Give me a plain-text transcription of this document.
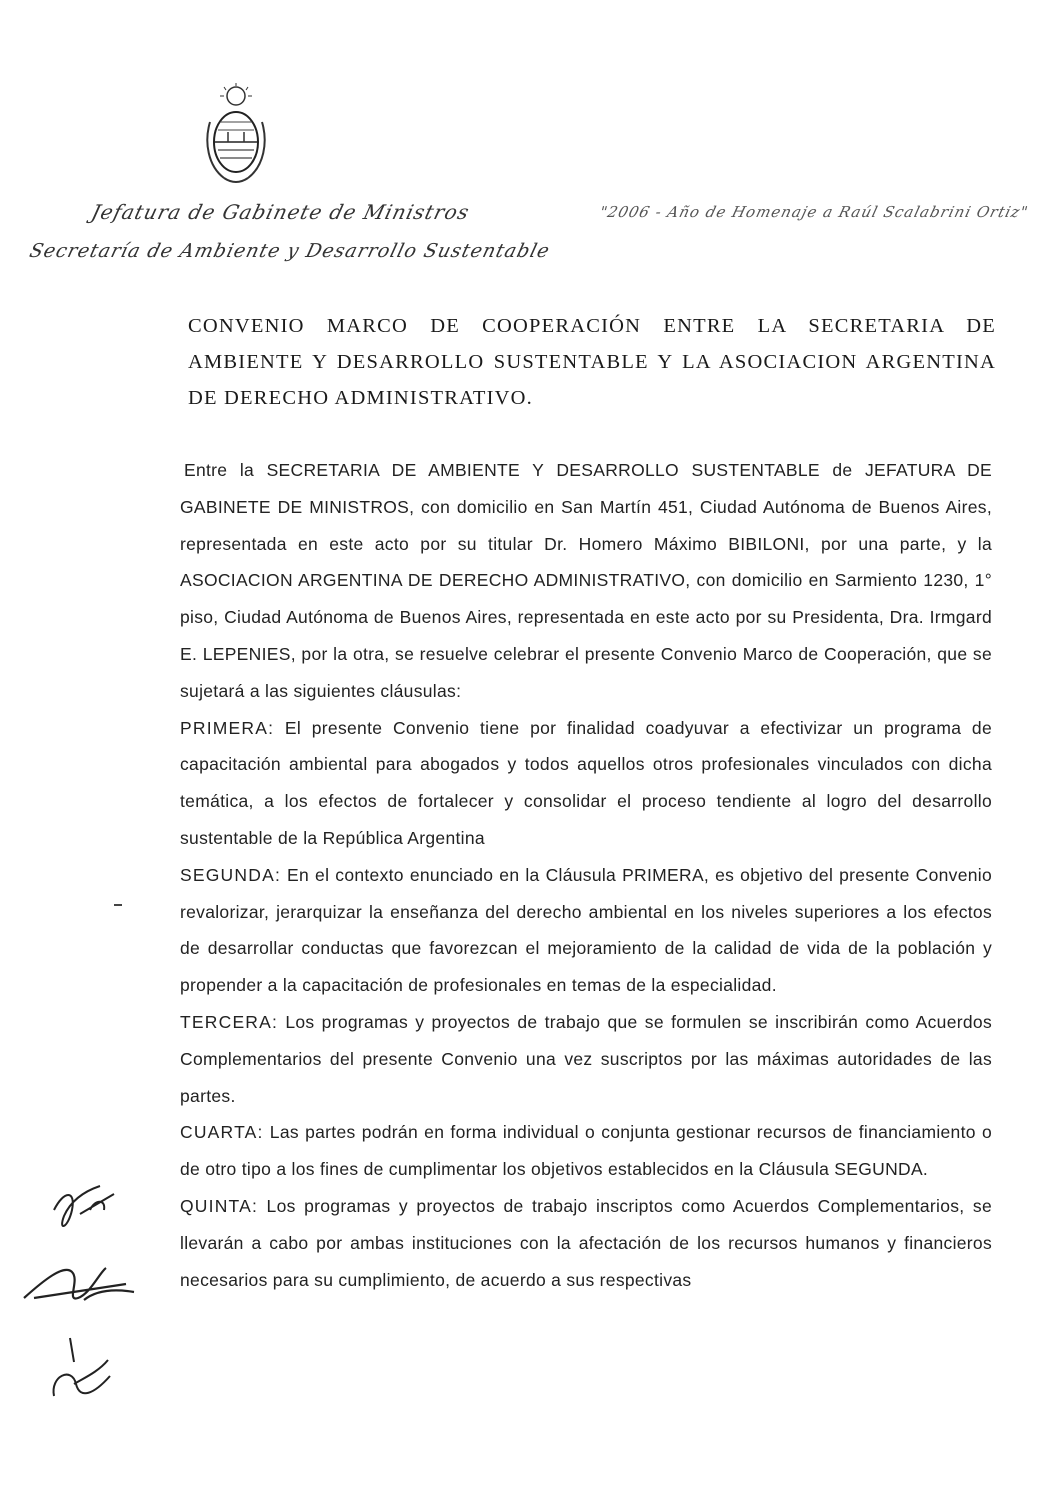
Jefatura de Gabinete de Ministros
Secretaría de Ambiente y Desarrollo Sustentable
"2006 - Año de Homenaje a Raúl Scalabrini Ortiz"
CONVENIO MARCO DE COOPERACIÓN ENTRE LA SECRETARIA DE AMBIENTE Y DESARROLLO SUSTENTABLE Y LA ASOCIACION ARGENTINA DE DERECHO ADMINISTRATIVO.

Entre la SECRETARIA DE AMBIENTE Y DESARROLLO SUSTENTABLE de JEFATURA DE GABINETE DE MINISTROS, con domicilio en San Martín 451, Ciudad Autónoma de Buenos Aires, representada en este acto por su titular Dr. Homero Máximo BIBILONI, por una parte, y la ASOCIACION ARGENTINA DE DERECHO ADMINISTRATIVO, con domicilio en Sarmiento 1230, 1° piso, Ciudad Autónoma de Buenos Aires, representada en este acto por su Presidenta, Dra. Irmgard E. LEPENIES, por la otra, se resuelve celebrar el presente Convenio Marco de Cooperación, que se sujetará a las siguientes cláusulas:

PRIMERA: El presente Convenio tiene por finalidad coadyuvar a efectivizar un programa de capacitación ambiental para abogados y todos aquellos otros profesionales vinculados con dicha temática, a los efectos de fortalecer y consolidar el proceso tendiente al logro del desarrollo sustentable de la República Argentina

SEGUNDA: En el contexto enunciado en la Cláusula PRIMERA, es objetivo del presente Convenio revalorizar, jerarquizar la enseñanza del derecho ambiental en los niveles superiores a los efectos de desarrollar conductas que favorezcan el mejoramiento de la calidad de vida de la población y propender a la capacitación de profesionales en temas de la especialidad.

TERCERA: Los programas y proyectos de trabajo que se formulen se inscribirán como Acuerdos Complementarios del presente Convenio una vez suscriptos por las máximas autoridades de las partes.

CUARTA: Las partes podrán en forma individual o conjunta gestionar recursos de financiamiento o de otro tipo a los fines de cumplimentar los objetivos establecidos en la Cláusula SEGUNDA.

QUINTA: Los programas y proyectos de trabajo inscriptos como Acuerdos Complementarios, se llevarán a cabo por ambas instituciones con la afectación de los recursos humanos y financieros necesarios para su cumplimiento, de acuerdo a sus respectivas
